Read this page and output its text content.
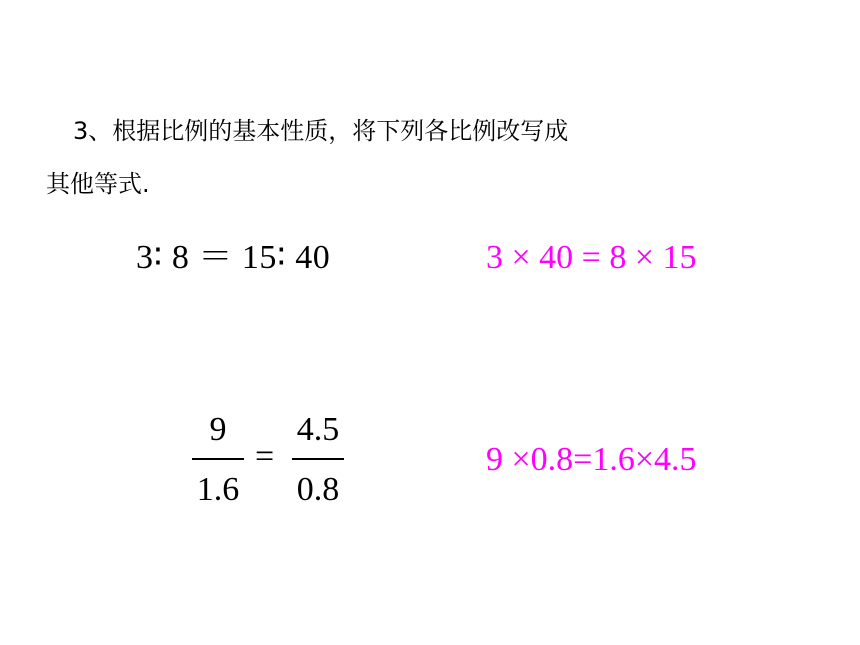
3、根据比例的基本性质，将下列各比例改写成
其他等式.
3∶ 8 ＝ 15∶ 40	3 × 40 = 8 × 15
9
1.6
=
4.5
0.8
9 ×0.8=1.6×4.5
